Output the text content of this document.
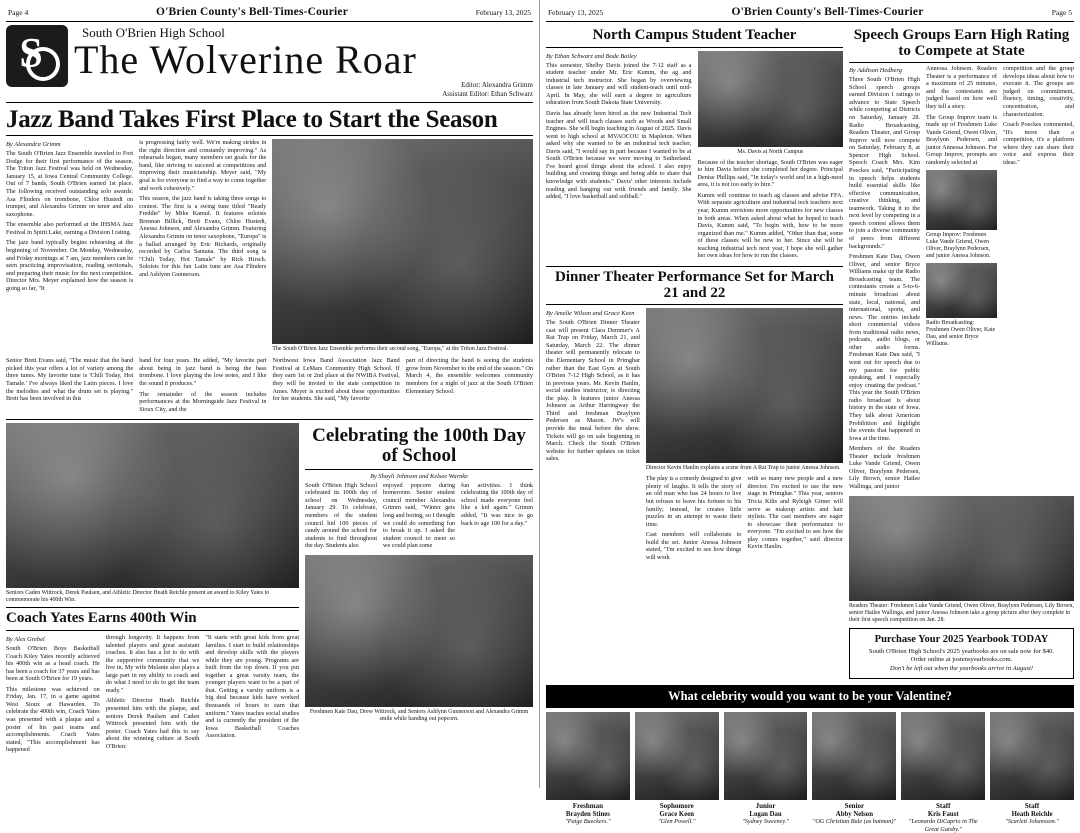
Page 4	O'Brien County's Bell-Times-Courier	February 13, 2025
S	South O'Brien High School
The Wolverine Roar
Editor: Alexandra Grimm
Assistant Editor: Ethan Schwarz
Jazz Band Takes First Place to Start the Season
By Alexandra Grimm

The South O'Brien Jazz Ensemble traveled to Fort Dodge for their first performance of the season. The Triton Jazz Festival was held on Wednesday, January 15, at Iowa Central Community College. Out of 7 bands, South O'Brien earned 1st place. The following received outstanding solo awards: Asa Flinders on trombone, Chloe Hustedt on trumpet, and Alexandra Grimm on tenor and alto saxophone.

The ensemble also performed at the IHSMA Jazz Festival in Spirit Lake, earning a Division I rating.

The jazz band typically begins rehearsing at the beginning of November. On Monday, Wednesday, and Friday mornings at 7 am, jazz members can be seen practicing improvisation, reading sectionals, and preparing their music for the next competition. Director Mrs. Meyer explained how the season is going so far, "It

is progressing fairly well. We're making strides in the right direction and constantly improving." As rehearsals began, many members set goals for the band, like striving to succeed at competitions and improving their musicianship. Meyer said, "My goal is for everyone to find a way to come together and work cohesively."

This season, the jazz band is taking three songs to contest. The first is a swing tune titled "Ready Freddie" by Mike Kamuf. It features soloists Brennan Billick, Brett Evans, Chloe Hustedt, Anessa Johnson, and Alexandra Grimm. Featuring Alexandra Grimm on tenor saxophone, "Europa" is a ballad arranged by Eric Richards, originally recorded by Carlos Santana. The third song is "Chili Today, Hot Tamale" by Rick Hirsch. Soloists for this fun Latin tune are Asa Flinders and Ashlynn Gunnerson.

The South O'Brien Jazz Ensemble performs their second song, "Europa," at the Triton Jazz Festival.

Senior Brett Evans said, "The music that the band picked this year offers a lot of variety among the three tunes. My favorite tune is 'Chili Today, Hot Tamale.' I've always liked the Latin pieces. I love the melodies and what the drum set is playing." Brett has been involved in this

band for four years. He added, "My favorite part about being in jazz band is being the bass trombone. I love playing the low notes, and I like the sound it produces."

The remainder of the season includes performances at the Morningside Jazz Festival in Sioux City, and the

Northwest Iowa Band Association Jazz Band Festival at LeMars Community High School. If they earn 1st or 2nd place at the NWIBA Festival, they will be invited to the state competition in Ames. Meyer is excited about these opportunities for her students. She said, "My favorite

part of directing the band is seeing the students grow from November to the end of the season." On March 4, the ensemble welcomes community members for a night of jazz at the South O'Brien Elementary School.

Seniors Caden Wittrock, Derek Paulsen, and Athletic Director Heath Reichle present an award to Kiley Yates to commemorate his 400th Win.
Coach Yates Earns 400th Win
By Alex Grebel

South O'Brien Boys Basketball Coach Kiley Yates recently achieved his 400th win as a head coach. He has been a coach for 37 years and has been at South O'Brien for 19 years.

This milestone was achieved on Friday, Jan. 17, in a game against West Sioux at Hawarden. To celebrate the 400th win, Coach Yates was presented with a plaque and a poster of his past teams and accomplishments. Coach Yates stated, "This accomplishment has happened

through longevity. It happens from talented players and great assistant coaches. It also has a lot to do with the supportive community that we live in. My wife Melanie also plays a large part in my ability to coach and do what I need to do to get the team ready."

Athletic Director Heath Reichle presented him with the plaque, and seniors Derek Paulsen and Caden Wittrock presented him with the poster. Coach Yates had this to say about the winning culture at South O'Brien:

"It starts with great kids from great families. I start to build relationships and develop skills with the players while they are young. Programs are built from the top down. If you put together a great varsity team, the younger players want to be a part of that. Getting a varsity uniform is a big deal because kids have worked thousands of hours to earn that uniform." Yates teaches social studies and is currently the president of the Iowa Basketball Coaches Association.

Celebrating the 100th Day of School
By Shayli Johnson and Kelsee Warnke

South O'Brien High School celebrated its 100th day of school on Wednesday, January 29. To celebrate, members of the student council hid 100 pieces of candy around the school for students to find throughout the day. Students also

enjoyed popcorn during homeroom. Senior student council member Alexandra Grimm said, "Winter gets long and boring, so I thought we could do something fun to break it up. I asked the student council to meet so we could plan some

fun activities. I think celebrating the 100th day of school made everyone feel like a kid again." Grimm added, "It was nice to go back to age 100 for a day."

Freshmen Kate Dau, Drew Wittrock, and Seniors Ashlynn Gunnerson and Alexandra Grimm smile while handing out popcorn.
February 13, 2025	O'Brien County's Bell-Times-Courier	Page 5
North Campus Student Teacher
By Ethan Schwarz and Bode Bailey

This semester, Shelby Davis joined the 7-12 staff as a student teacher under Mr. Eric Kumm, the ag and industrial tech instructor. She began by overviewing classes in late January and will student-teach until mid-April. In May, she will earn a degree in agriculture education from South Dakota State University.

Davis has already been hired as the new Industrial Tech teacher and will teach classes such as Woods and Small Engines. She will begin teaching in August of 2025. Davis went to high school at MVAOCOU in Mapleton. When asked why she wanted to be an industrial tech teacher, Davis said, "I would say in part because I wanted to be at South O'Brien because we were moving to Sutherland. I've heard good things about the school. I also enjoy building and creating things and being able to share that knowledge with students." Davis' other interests include reading and hanging out with friends and family. She added, "I love basketball and softball."

Ms. Davis at North Campus

Because of the teacher shortage, South O'Brien was eager to hire Davis before she completed her degree. Principal Denise Phillips said, "In today's world and in a high-need area, it is not too early to hire."

Kumm will continue to teach ag classes and advise FFA. With separate agriculture and industrial tech teachers next year, Kumm envisions more opportunities for new classes in both areas. When asked about what he hoped to teach Davis, Kumm said, "To begin with, how to be more organized than me." Kumm added, "Other than that, some of these classes will be new to her. Since she will be teaching industrial tech next year, I hope she will gather her own ideas for how to run the classes.

Dinner Theater Performance Set for March 21 and 22
By Amelie Wilson and Grace Keen

The South O'Brien Dinner Theater cast will present Clara Demmer's A Rat Trap on Friday, March 21, and Saturday, March 22. The dinner theater will permanently relocate to the Elementary School in Primghar rather than the East Gym at South O'Brien 7-12 High School, as it has in previous years. Mr. Kevin Hanlin, social studies instructor, is directing the play. It features junior Anessa Johnson as Arthur Harringway the Third and freshman Braylynn Pedersen as Mason. JW's will provide the meal before the show. Tickets will go on sale beginning in March. Check the South O'Brien website for further updates on ticket sales.

Director Kevin Hanlin explains a scene from A Rat Trap to junior Anessa Johnson.

The play is a comedy designed to give plenty of laughs. It tells the story of an old man who has 24 hours to live but refuses to leave his fortune to his family; instead, he creates little puzzles in an attempt to waste their time.

Cast members will collaborate to build the set. Junior Anessa Johnson stated, "I'm excited to see how things will work

with so many new people and a new director. I'm excited to use the new stage in Primghar." This year, seniors Tricia Kilts and Ryleigh Gimer will serve as makeup artists and hair stylists. The cast members are eager to showcase their performance to everyone. "I'm excited to see how the play comes together," said director Kevin Hanlin.

Speech Groups Earn High Rating to Compete at State
By Addison Hedberg

Three South O'Brien High School speech groups earned Division 1 ratings to advance to State Speech while competing at Districts on Saturday, January 28. Radio Broadcasting, Readers Theater, and Group Improv will now compete on Saturday, February 8, at Spencer High School. Speech Coach Mrs. Kim Poeckes said, "Participating in speech helps students build essential skills like effective communication, creative thinking, and teamwork. Taking it to the next level by competing in a speech contest allows them to join a diverse community of peers from different backgrounds."

Freshmen Kate Dau, Owen Oliver, and senior Bryce Williams make up the Radio Broadcasting team. The contestants create a 5-to-6-minute broadcast about state, local, national, and international, sports, and news. The entries include short commercial videos from traditional radio news, podcasts, audio blogs, or other audio forms. Freshman Kate Dau said, "I went out for speech due to my passion for public speaking, and I especially enjoy creating the podcast." This year the South O'Brien radio broadcast is about history in the state of Iowa. They talk about American Prohibition and highlight the events that happened in Iowa at the time.

Members of the Readers Theater include freshmen Luke Vande Griend, Owen Oliver, Braylynn Pedersen, Lily Brown, senior Hailee Wallinga, and junior

Annessa Johnson. Readers Theater is a performance of a maximum of 25 minutes, and the contestants are judged based on how well they tell a story.

The Group Improv team is made up of Freshmen Luke Vande Griend, Owen Oliver, Braylynn Pedersen, and junior Annessa Johnson. For Group Improv, prompts are randomly selected at

Group Improv: Freshmen Luke Vande Griend, Owen Oliver, Braylynn Pedersen, and junior Anessa Johnson.
Radio Broadcasting: Freshmen Owen Oliver, Kate Dau, and senior Bryce Williams.

competition and the group develops ideas about how to execute it. The groups are judged on commitment, fluency, timing, creativity, concentration, and characterization.

Coach Poeckes commented, "It's more than a competition, it's a platform where they can share their voice and express their ideas."

Readers Theater: Freshmen Luke Vande Griend, Owen Oliver, Braylynn Pedersen, Lily Brown, senior Hailee Wallinga, and junior Anessa Johnson take a group picture after they complete in their first speech competition on Jan. 28.
Purchase Your 2025 Yearbook TODAY
South O'Brien High School's 2025 yearbooks are on sale now for $40.
Order online at jostensyearbooks.com.
Don't be left out when the yearbooks arrive in August!
What celebrity would you want to be your Valentine?
Freshman
Brayden Stines
"Paige Bueckers."
Sophomore
Grace Keen
"Glen Powell."
Junior
Logan Dau
"Sydney Sweeney."
Senior
Abby Nelson
"OG Christian Bale (as batman)"
Staff
Kris Faust
"Leonardo DiCaprio in The Great Gatsby."
Staff
Heath Reichle
"Scarlett Johansson."
